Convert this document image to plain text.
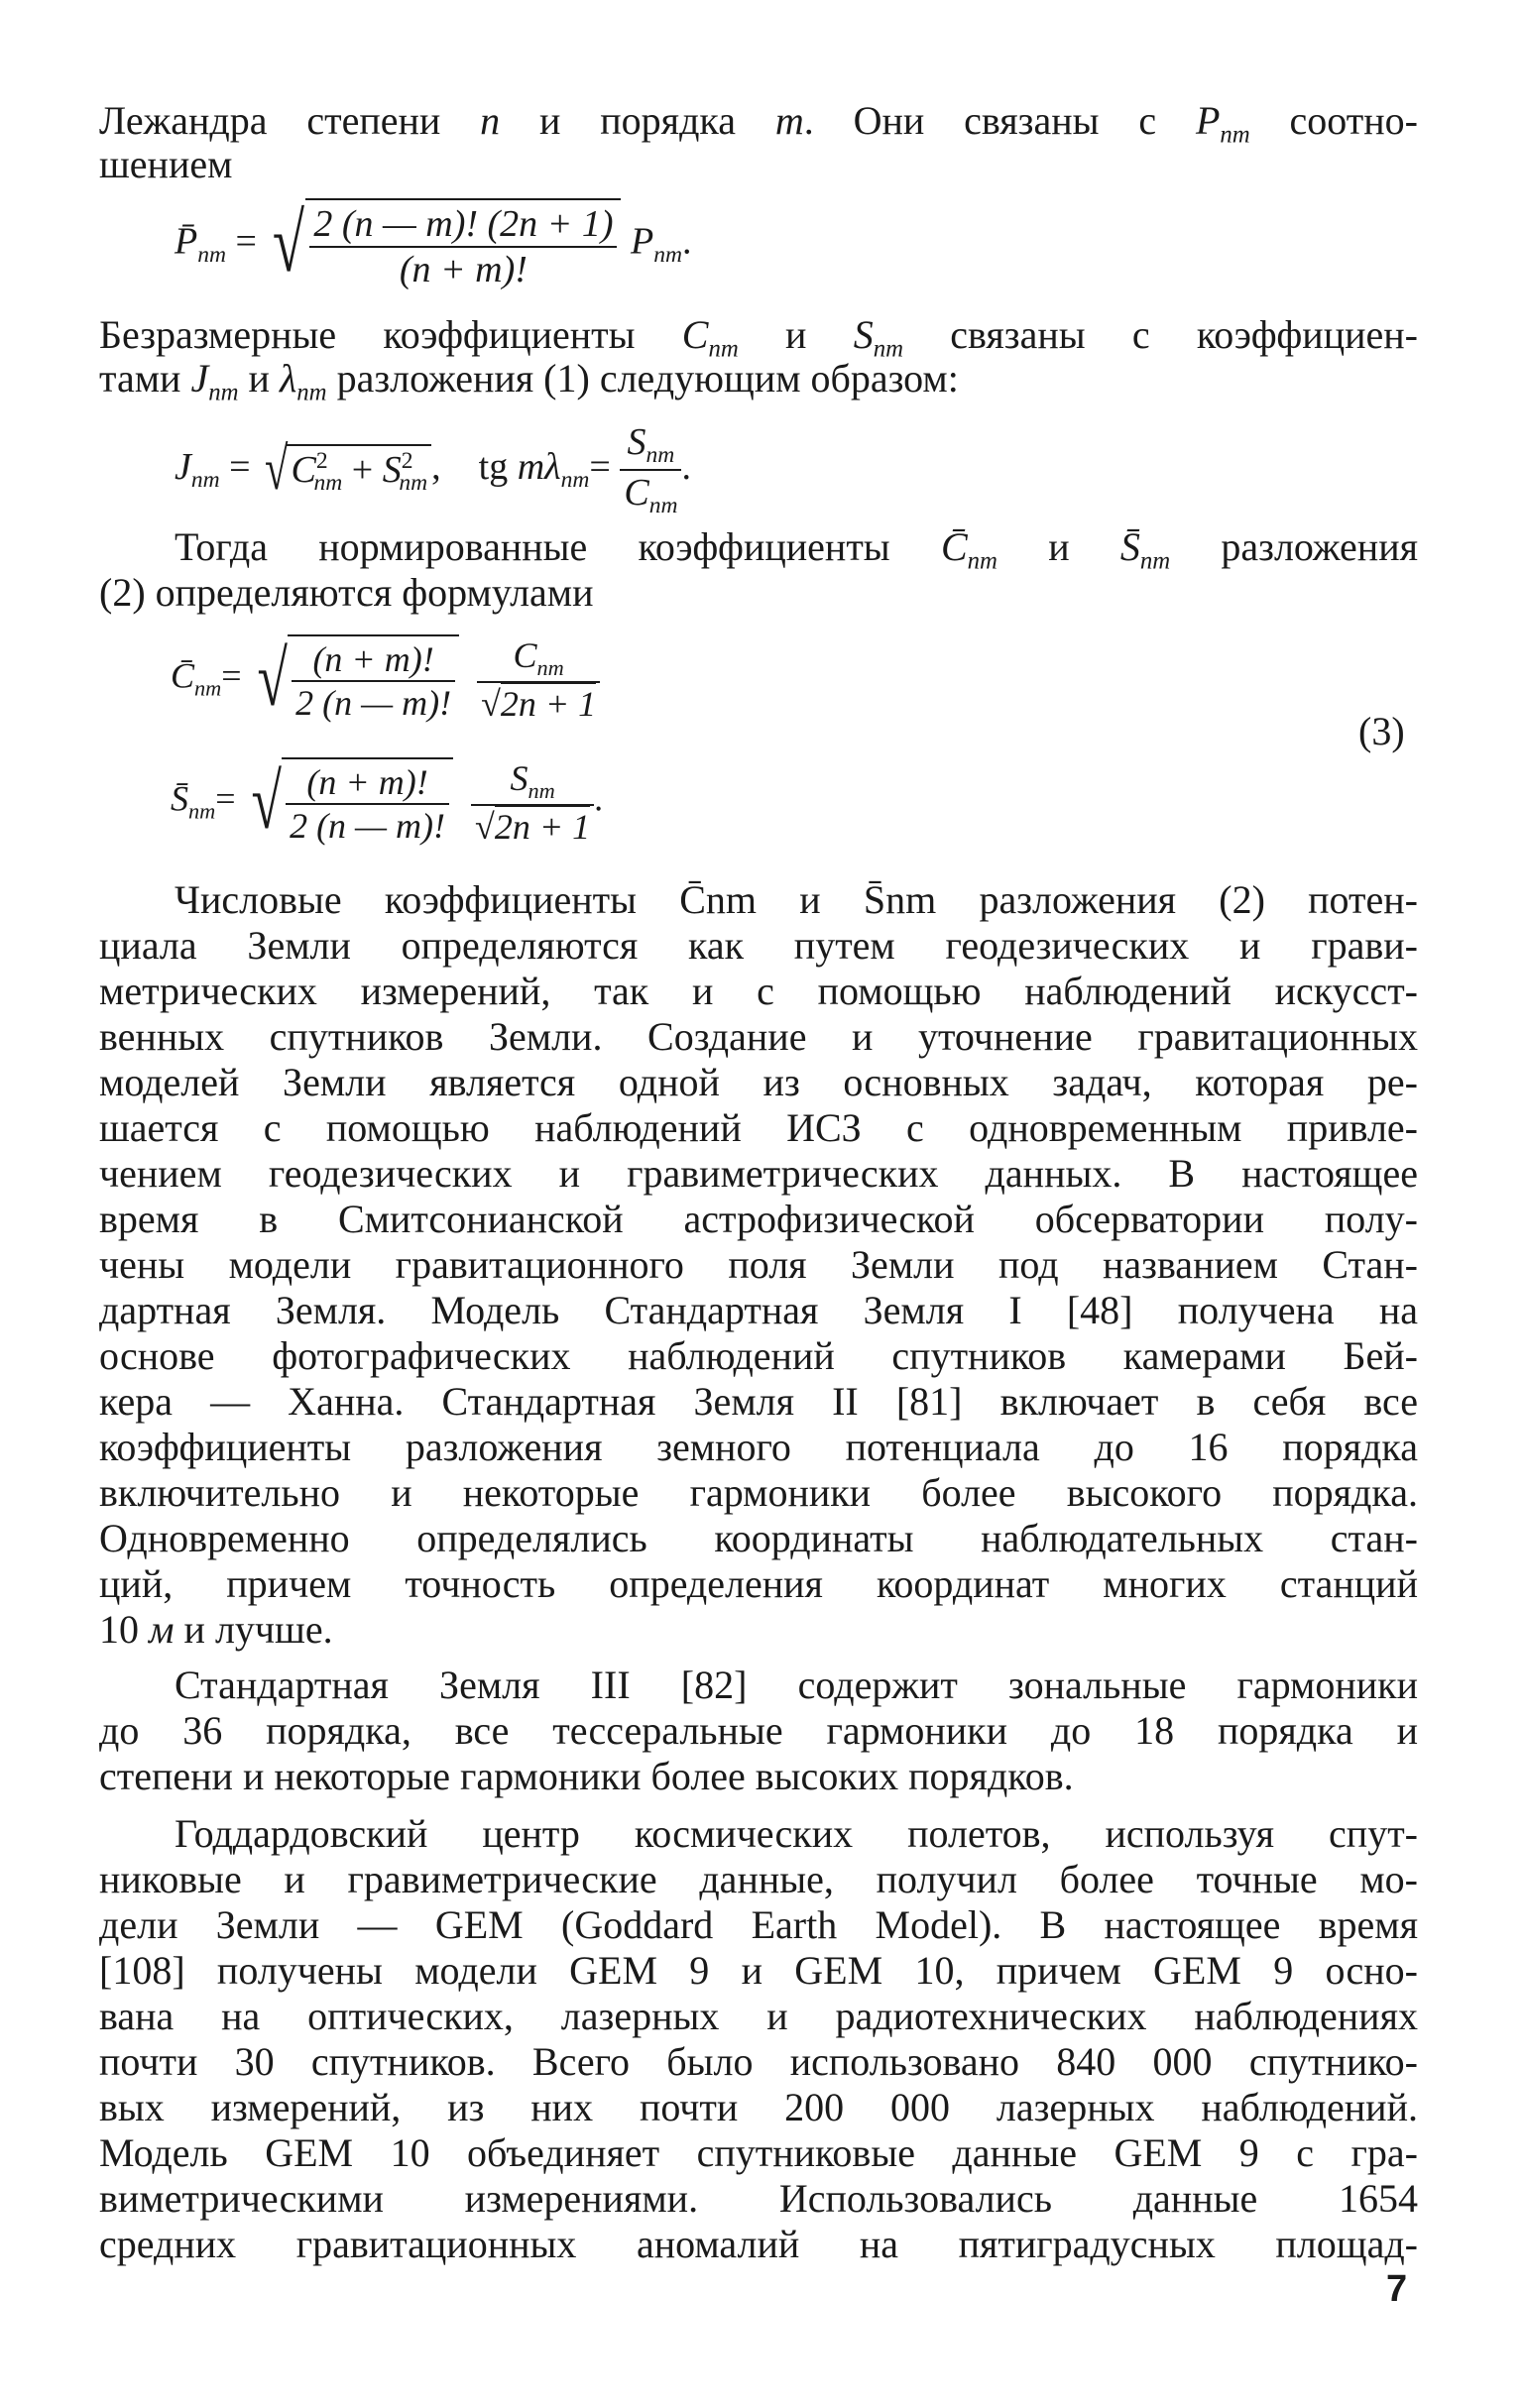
Лежандра степени n и порядка m. Они связаны с $P_{nm}$ соотно-
шением
$P̄_{nm}$ = √ $\frac{2 (n — m)! (2n + 1)}{(n + m)!} P_{nm}$.
Безразмерные коэффициенты $C_{nm}$ и $S_{nm}$ связаны с коэффициен-
тами $J_{nm}$ и $\lambda_{nm}$ разложения (1) следующим образом:
$J_{nm} = √C^2_{nm} + S^2_{nm}$ , tg $m\lambda_{nm}= \frac{S_{nm}}{C_{nm}}$ .
Тогда нормированные коэффициенты $C̄_{nm}$ и $S̄_{nm}$ разложения
(2) определяются формулами
$C̄_{nm}=$ √ $\frac{(n + m)!}{2 (n — m)!}$
$\frac{C_{nm}}{√2n + 1}$
$S̄_{nm}=$ √ $\frac{(n + m)!}{2 (n — m)!}$
$\frac{S_{nm}}{√2n + 1}$ .
(3)
Числовые коэффициенты C̄nm и S̄nm разложения (2) потен-
циала Земли определяются как путем геодезических и грави-
метрических измерений, так и с помощью наблюдений искусст-
венных спутников Земли. Создание и уточнение гравитационных
моделей Земли является одной из основных задач, которая ре-
шается с помощью наблюдений ИСЗ с одновременным привле-
чением геодезических и гравиметрических данных. В настоящее
время в Смитсонианской астрофизической обсерватории полу-
чены модели гравитационного поля Земли под названием Стан-
дартная Земля. Модель Стандартная Земля I [48] получена на
основе фотографических наблюдений спутников камерами Бей-
кера — Ханна. Стандартная Земля II [81] включает в себя все
коэффициенты разложения земного потенциала до 16 порядка
включительно и некоторые гармоники более высокого порядка.
Одновременно определялись координаты наблюдательных стан-
ций, причем точность определения координат многих станций
10 м и лучше.
Стандартная Земля III [82] содержит зональные гармоники
до 36 порядка, все тессеральные гармоники до 18 порядка и
степени и некоторые гармоники более высоких порядков.
Годдардовский центр космических полетов, используя спут-
никовые и гравиметрические данные, получил более точные мо-
дели Земли — GEM (Goddard Earth Model). В настоящее время
[108] получены модели GEM 9 и GEM 10, причем GEM 9 осно-
вана на оптических, лазерных и радиотехнических наблюдениях
почти 30 спутников. Всего было использовано 840 000 спутнико-
вых измерений, из них почти 200 000 лазерных наблюдений.
Модель GEM 10 объединяет спутниковые данные GEM 9 с гра-
виметрическими измерениями. Использовались данные 1654
средних гравитационных аномалий на пятиградусных площад-
7
